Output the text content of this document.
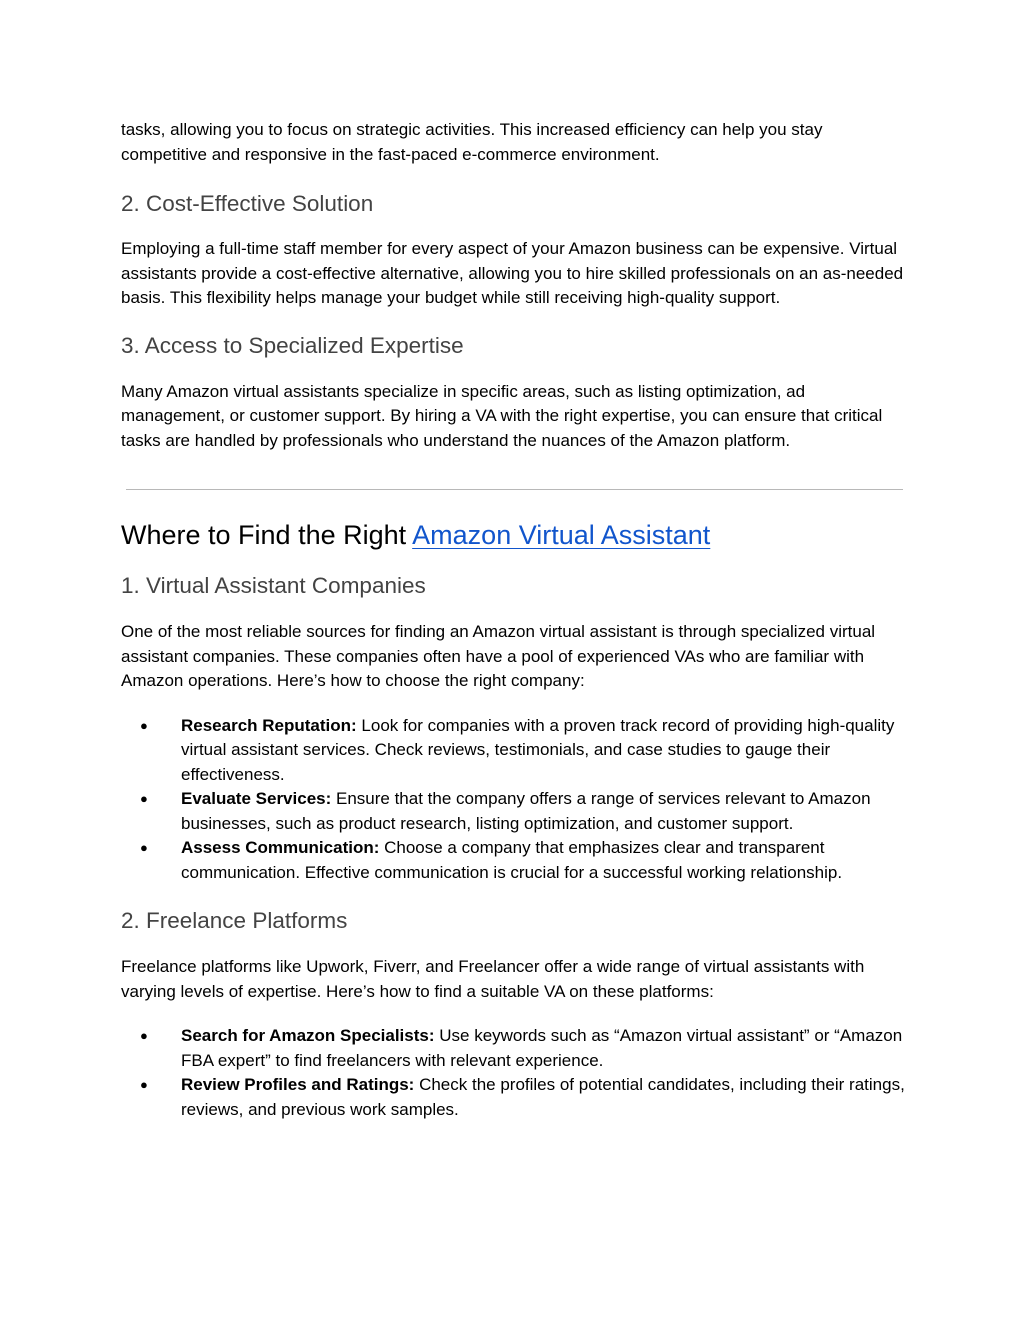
tasks, allowing you to focus on strategic activities. This increased efficiency can help you stay competitive and responsive in the fast-paced e-commerce environment.

2. Cost-Effective Solution

Employing a full-time staff member for every aspect of your Amazon business can be expensive. Virtual assistants provide a cost-effective alternative, allowing you to hire skilled professionals on an as-needed basis. This flexibility helps manage your budget while still receiving high-quality support.

3. Access to Specialized Expertise

Many Amazon virtual assistants specialize in specific areas, such as listing optimization, ad management, or customer support. By hiring a VA with the right expertise, you can ensure that critical tasks are handled by professionals who understand the nuances of the Amazon platform.

Where to Find the Right Amazon Virtual Assistant
1. Virtual Assistant Companies

One of the most reliable sources for finding an Amazon virtual assistant is through specialized virtual assistant companies. These companies often have a pool of experienced VAs who are familiar with Amazon operations. Here’s how to choose the right company:

● Research Reputation: Look for companies with a proven track record of providing high-quality virtual assistant services. Check reviews, testimonials, and case studies to gauge their effectiveness.
● Evaluate Services: Ensure that the company offers a range of services relevant to Amazon businesses, such as product research, listing optimization, and customer support.
● Assess Communication: Choose a company that emphasizes clear and transparent communication. Effective communication is crucial for a successful working relationship.
2. Freelance Platforms

Freelance platforms like Upwork, Fiverr, and Freelancer offer a wide range of virtual assistants with varying levels of expertise. Here’s how to find a suitable VA on these platforms:

● Search for Amazon Specialists: Use keywords such as “Amazon virtual assistant” or “Amazon FBA expert” to find freelancers with relevant experience.
● Review Profiles and Ratings: Check the profiles of potential candidates, including their ratings, reviews, and previous work samples.
